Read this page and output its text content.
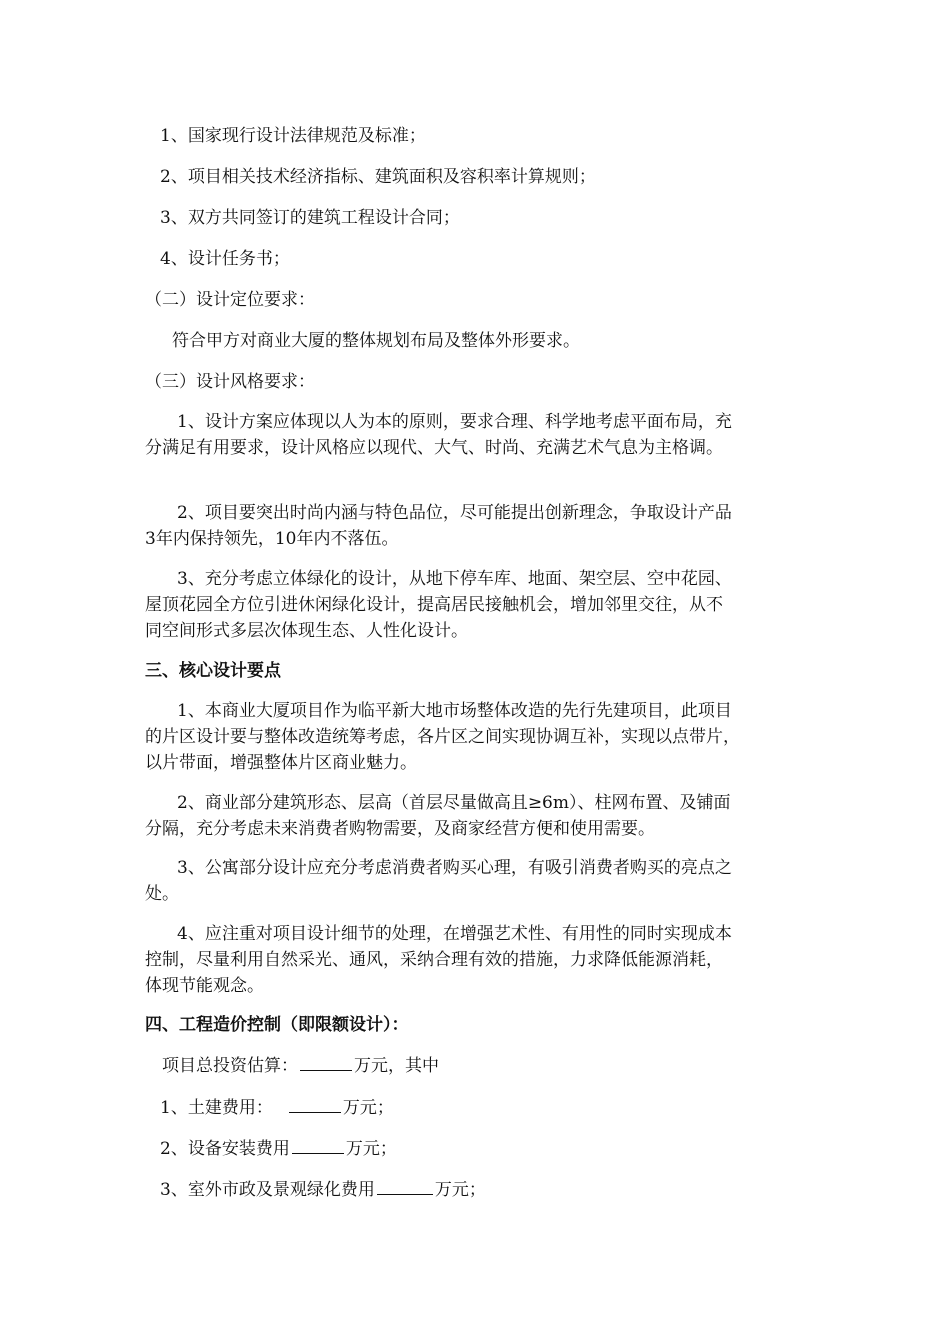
1、国家现行设计法律规范及标准；
2、项目相关技术经济指标、建筑面积及容积率计算规则；
3、双方共同签订的建筑工程设计合同；
4、设计任务书；
（二）设计定位要求：
符合甲方对商业大厦的整体规划布局及整体外形要求。
（三）设计风格要求：
1、设计方案应体现以人为本的原则，要求合理、科学地考虑平面布局，充
分满足有用要求，设计风格应以现代、大气、时尚、充满艺术气息为主格调。
2、项目要突出时尚内涵与特色品位，尽可能提出创新理念，争取设计产品
3年内保持领先，10年内不落伍。
3、充分考虑立体绿化的设计，从地下停车库、地面、架空层、空中花园、
屋顶花园全方位引进休闲绿化设计，提高居民接触机会，增加邻里交往，从不
同空间形式多层次体现生态、人性化设计。
三、核心设计要点
1、本商业大厦项目作为临平新大地市场整体改造的先行先建项目，此项目
的片区设计要与整体改造统筹考虑，各片区之间实现协调互补，实现以点带片，
以片带面，增强整体片区商业魅力。
2、商业部分建筑形态、层高（首层尽量做高且≥6m）、柱网布置、及铺面
分隔，充分考虑未来消费者购物需要，及商家经营方便和使用需要。
3、公寓部分设计应充分考虑消费者购买心理，有吸引消费者购买的亮点之
处。
4、应注重对项目设计细节的处理，在增强艺术性、有用性的同时实现成本
控制，尽量利用自然采光、通风，采纳合理有效的措施，力求降低能源消耗，
体现节能观念。
四、工程造价控制（即限额设计）：
项目总投资估算：	万元，其中
1、土建费用：	万元；
2、设备安装费用	万元；
3、室外市政及景观绿化费用	万元；
